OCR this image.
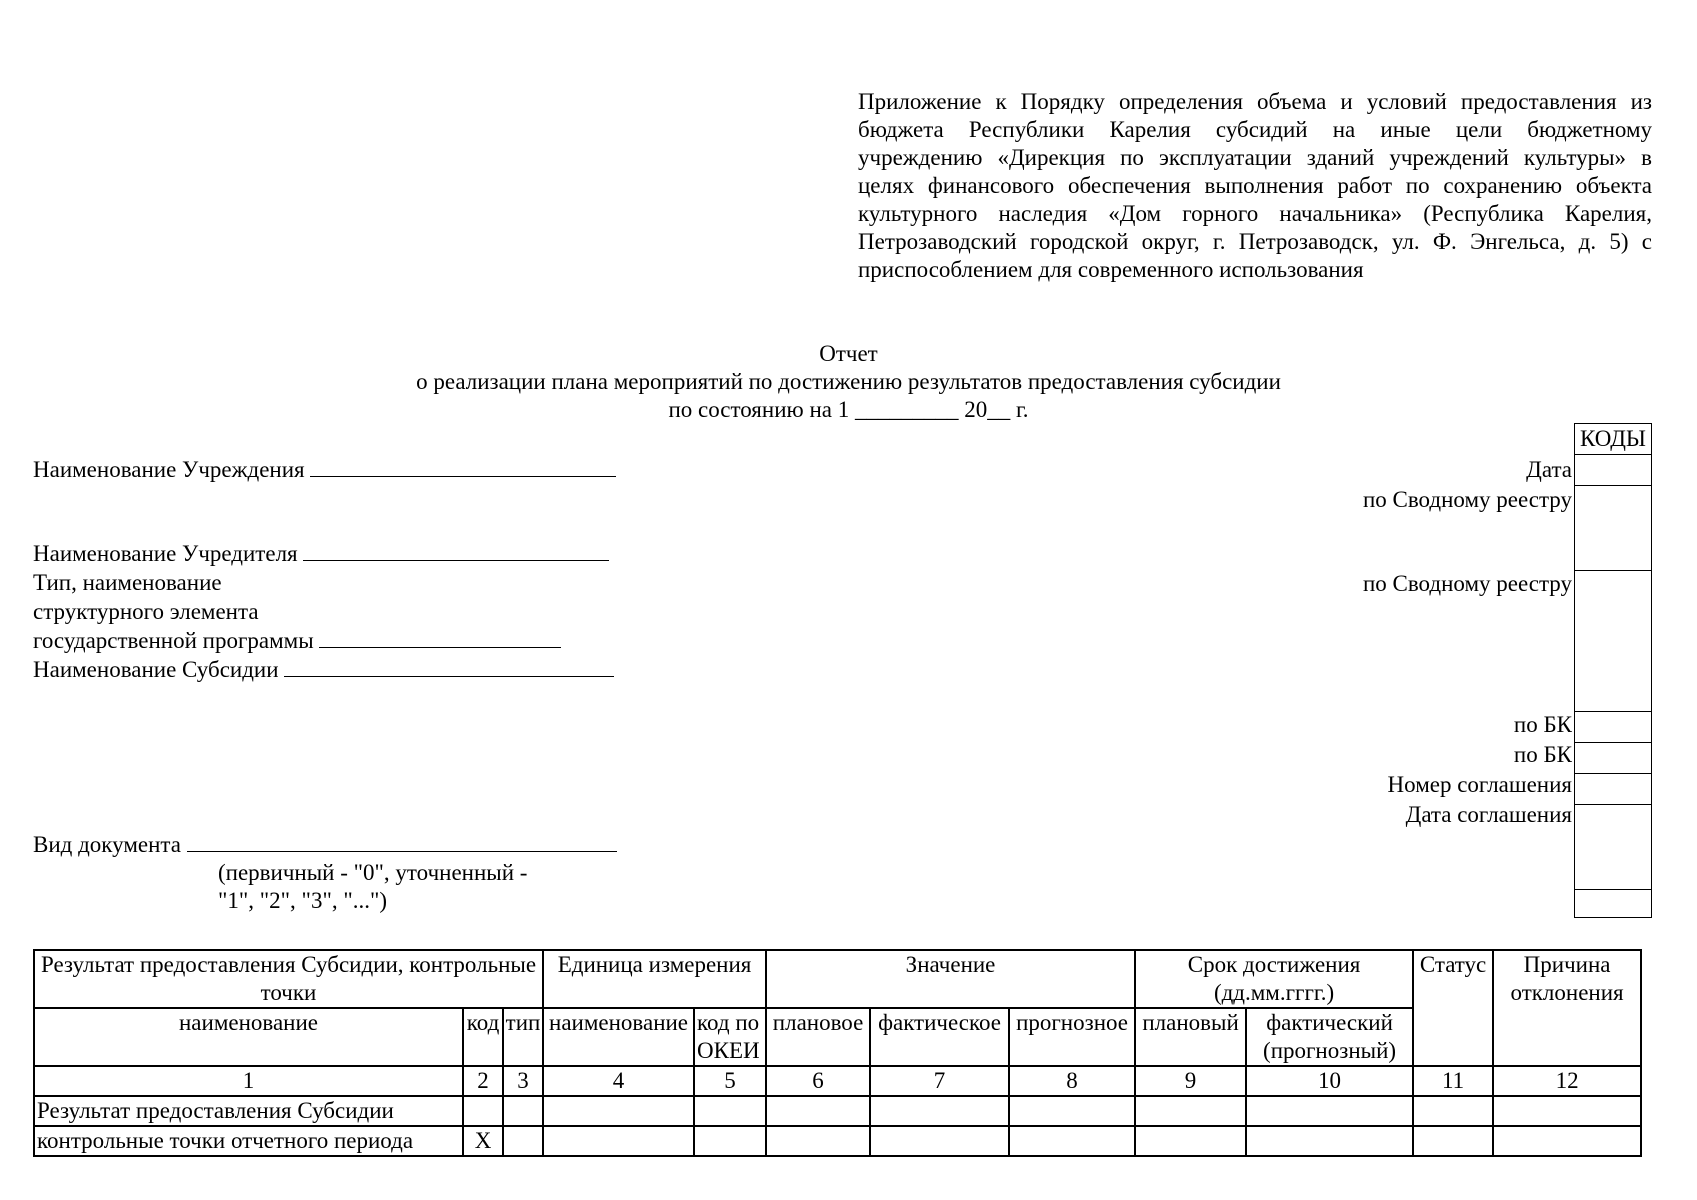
Приложение к Порядку определения объема и условий предоставления из
бюджета Республики Карелия субсидий на иные цели бюджетному
учреждению «Дирекция по эксплуатации зданий учреждений культуры» в
целях финансового обеспечения выполнения работ по сохранению объекта
культурного наследия «Дом горного начальника» (Республика Карелия,
Петрозаводский городской округ, г. Петрозаводск, ул. Ф. Энгельса, д. 5) с
приспособлением для современного использования
Отчет
о реализации плана мероприятий по достижению результатов предоставления субсидии
по состоянию на 1 _________ 20__ г.
Наименование Учреждения
Наименование Учредителя
Тип, наименование
структурного элемента
государственной программы
Наименование Субсидии
Вид документа
(первичный - "0", уточненный -
"1", "2", "3", "...")
Дата
по Сводному реестру
по Сводному реестру
по БК
по БК
Номер соглашения
Дата соглашения
КОДЫ
Результат предоставления Субсидии, контрольные точки			Единица измерения		Значение			Срок достижения (дд.мм.гггг.)		Статус	Причина отклонения
наименование	код	тип	наименование	код по ОКЕИ	плановое	фактическое	прогнозное	плановый	фактический (прогнозный)		
1	2	3	4	5	6	7	8	9	10	11	12
Результат предоставления Субсидии											
контрольные точки отчетного периода	X										
